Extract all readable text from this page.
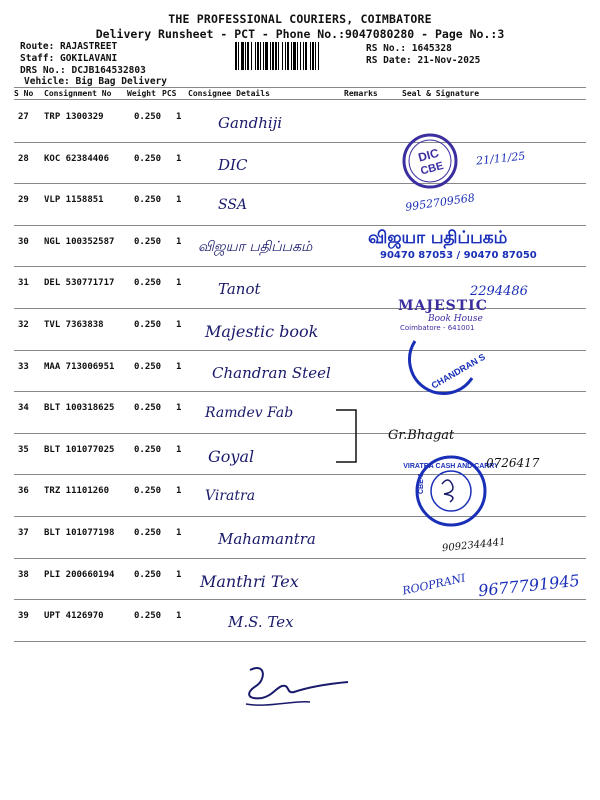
THE PROFESSIONAL COURIERS, COIMBATORE
Delivery Runsheet - PCT - Phone No.:9047080280 - Page No.:3
Route: RAJASTREET
Staff: GOKILAVANI
DRS No.: DCJB164532803
Vehicle: Big Bag Delivery
RS No.: 1645328
RS Date: 21-Nov-2025
S No Consignment No Weight PCS Consignee Details	Remarks	Seal & Signature
27 TRP 1300329	0.250 1 Gandhiji
28 KOC 62384406	0.250 1 DIC
29 VLP 1158851	0.250 1	SSA
30 NGL 100352587 0.250 1 விஜயா பதிப்பகம்
31 DEL 530771717 0.250 1 Tanot
32 TVL 7363838	0.250 1 Majestic book
33 MAA 713006951 0.250 1 Chandran Steel
34 BLT 100318625 0.250 1 Ramdev Fab
35 BLT 101077025 0.250 1 Goyal
36 TRZ 11101260	0.250 1 Viratra
37 BLT 101077198 0.250 1 Mahamantra
38 PLI 200660194 0.250 1 Manthri Tex
39 UPT 4126970	0.250 1	M.S. Tex
9952709568
21/11/25
விஜயா பதிப்பகம்
90470 87053 / 90470 87050
2294486
MAJESTIC
Book House
Coimbatore - 641001
DIC
CBE
CHANDRAN S
VIRATRA CASH AND CARRY
CBE-1
Gr.Bhagat
0726417
9092344441
ROOPRANI 9677791945
